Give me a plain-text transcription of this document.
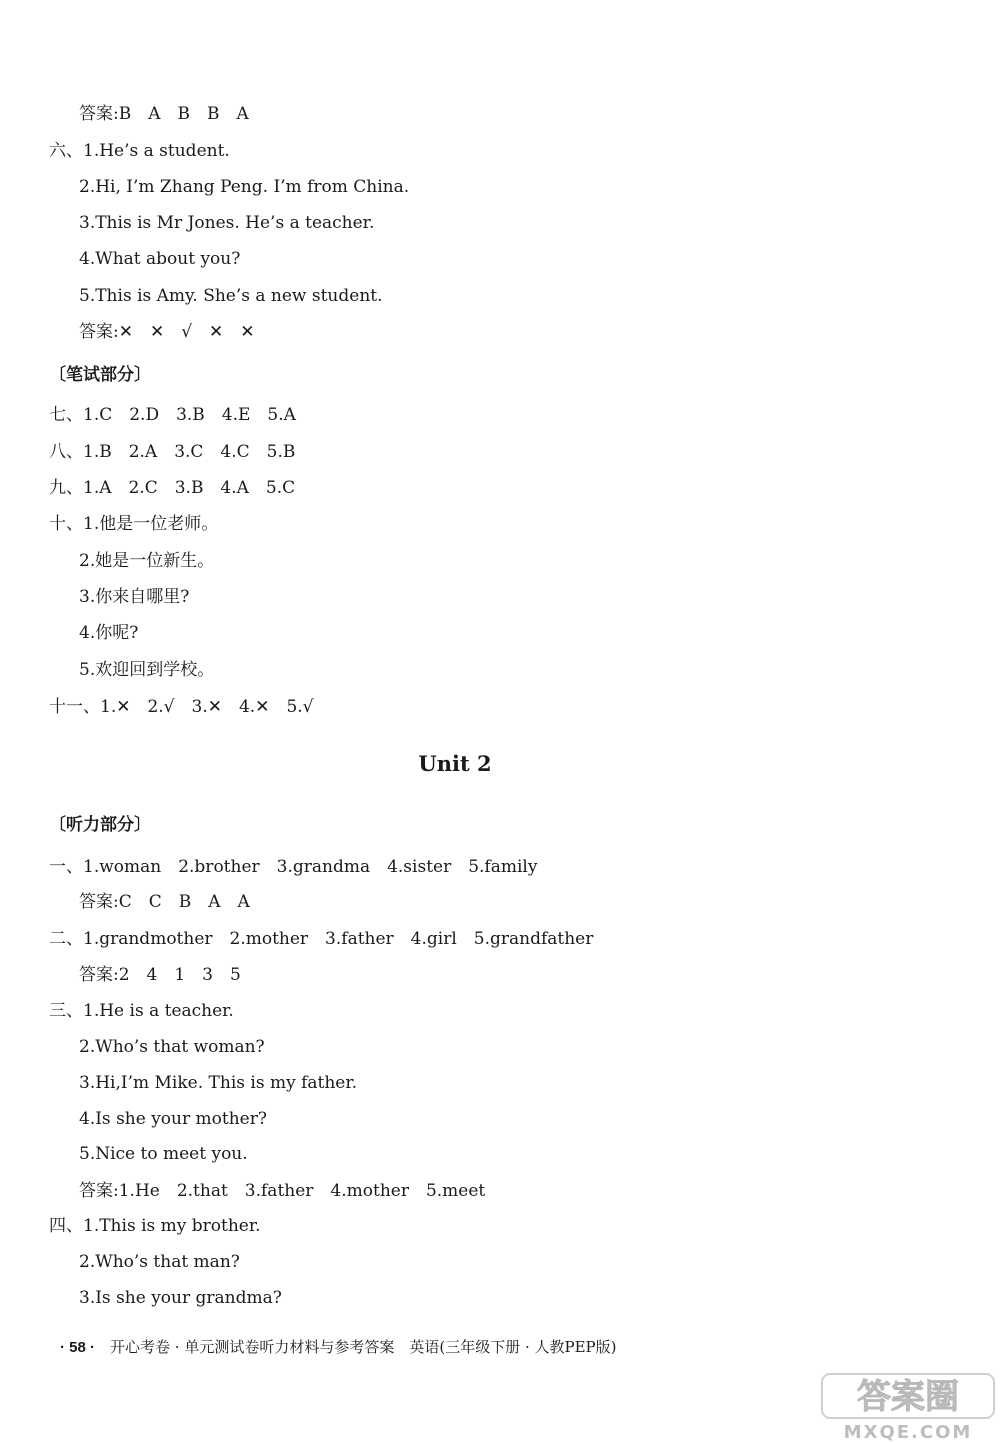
答案:B　A　B　B　A
六、1.He’s a student.
2.Hi, I’m Zhang Peng. I’m from China.
3.This is Mr Jones. He’s a teacher.
4.What about you?
5.This is Amy. She’s a new student.
答案:✕　✕　√　✕　✕
〔笔试部分〕
七、1.C　2.D　3.B　4.E　5.A
八、1.B　2.A　3.C　4.C　5.B
九、1.A　2.C　3.B　4.A　5.C
十、1.他是一位老师。
2.她是一位新生。
3.你来自哪里?
4.你呢?
5.欢迎回到学校。
十一、1.✕　2.√　3.✕　4.✕　5.√
Unit 2
〔听力部分〕
一、1.woman　2.brother　3.grandma　4.sister　5.family
答案:C　C　B　A　A
二、1.grandmother　2.mother　3.father　4.girl　5.grandfather
答案:2　4　1　3　5
三、1.He is a teacher.
2.Who’s that woman?
3.Hi,I’m Mike. This is my father.
4.Is she your mother?
5.Nice to meet you.
答案:1.He　2.that　3.father　4.mother　5.meet
四、1.This is my brother.
2.Who’s that man?
3.Is she your grandma?
· 58 ·　 开心考卷 · 单元测试卷听力材料与参考答案　英语(三年级下册 · 人教PEP版)
答案圈
MXQE.COM
